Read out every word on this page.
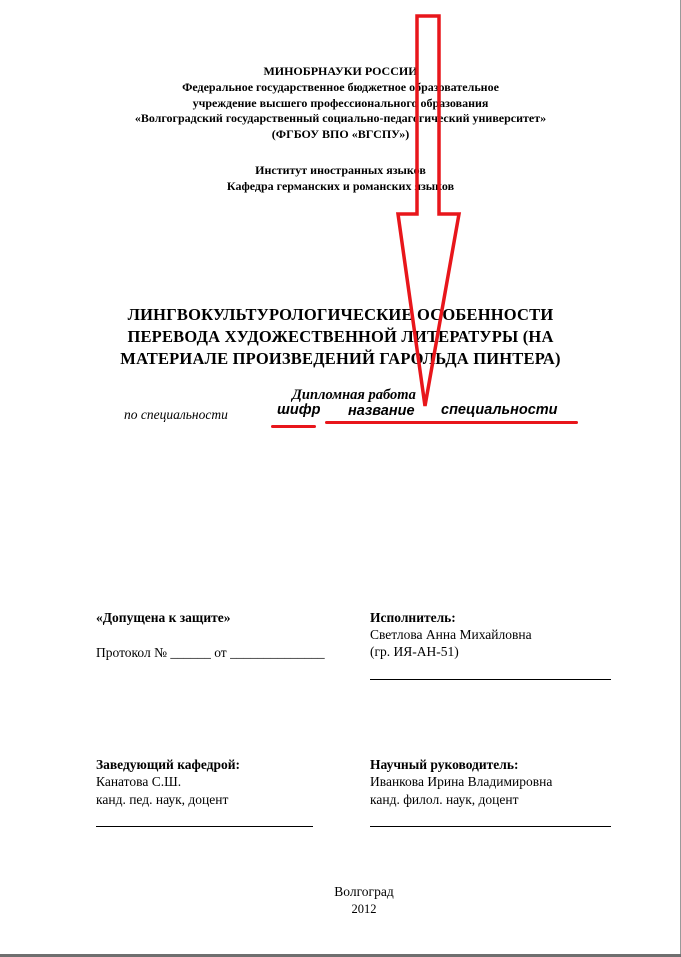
МИНОБРНАУКИ РОССИИ
Федеральное государственное бюджетное образовательное
учреждение высшего профессионального образования
«Волгоградский государственный социально-педагогический университет»
(ФГБОУ ВПО «ВГСПУ»)
Институт иностранных языков
Кафедра германских и романских языков
ЛИНГВОКУЛЬТУРОЛОГИЧЕСКИЕ ОСОБЕННОСТИ
ПЕРЕВОДА ХУДОЖЕСТВЕННОЙ ЛИТЕРАТУРЫ (НА
МАТЕРИАЛЕ ПРОИЗВЕДЕНИЙ ГАРОЛЬДА ПИНТЕРА)
Дипломная работа
по специальности	шифр название специальности
«Допущена к защите»
Протокол № ______ от ______________
Исполнитель:
Светлова Анна Михайловна
(гр. ИЯ-АН-51)
Заведующий кафедрой:
Канатова С.Ш.
канд. пед. наук, доцент
Научный руководитель:
Иванкова Ирина Владимировна
канд. филол. наук, доцент
Волгоград
2012
